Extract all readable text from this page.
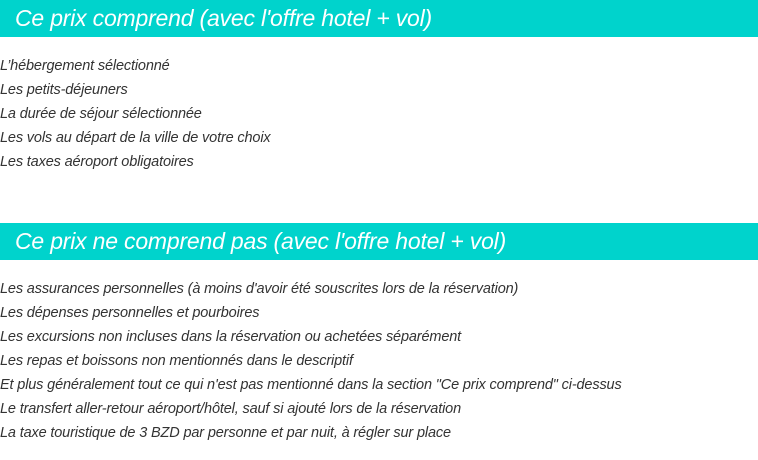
Ce prix comprend (avec l'offre hotel + vol)
L’hébergement sélectionné
Les petits-déjeuners
La durée de séjour sélectionnée
Les vols au départ de la ville de votre choix
Les taxes aéroport obligatoires
Ce prix ne comprend pas (avec l'offre hotel + vol)
Les assurances personnelles (à moins d'avoir été souscrites lors de la réservation)
Les dépenses personnelles et pourboires
Les excursions non incluses dans la réservation ou achetées séparément
Les repas et boissons non mentionnés dans le descriptif
Et plus généralement tout ce qui n'est pas mentionné dans la section "Ce prix comprend" ci-dessus
Le transfert aller-retour aéroport/hôtel, sauf si ajouté lors de la réservation
La taxe touristique de 3 BZD par personne et par nuit, à régler sur place
